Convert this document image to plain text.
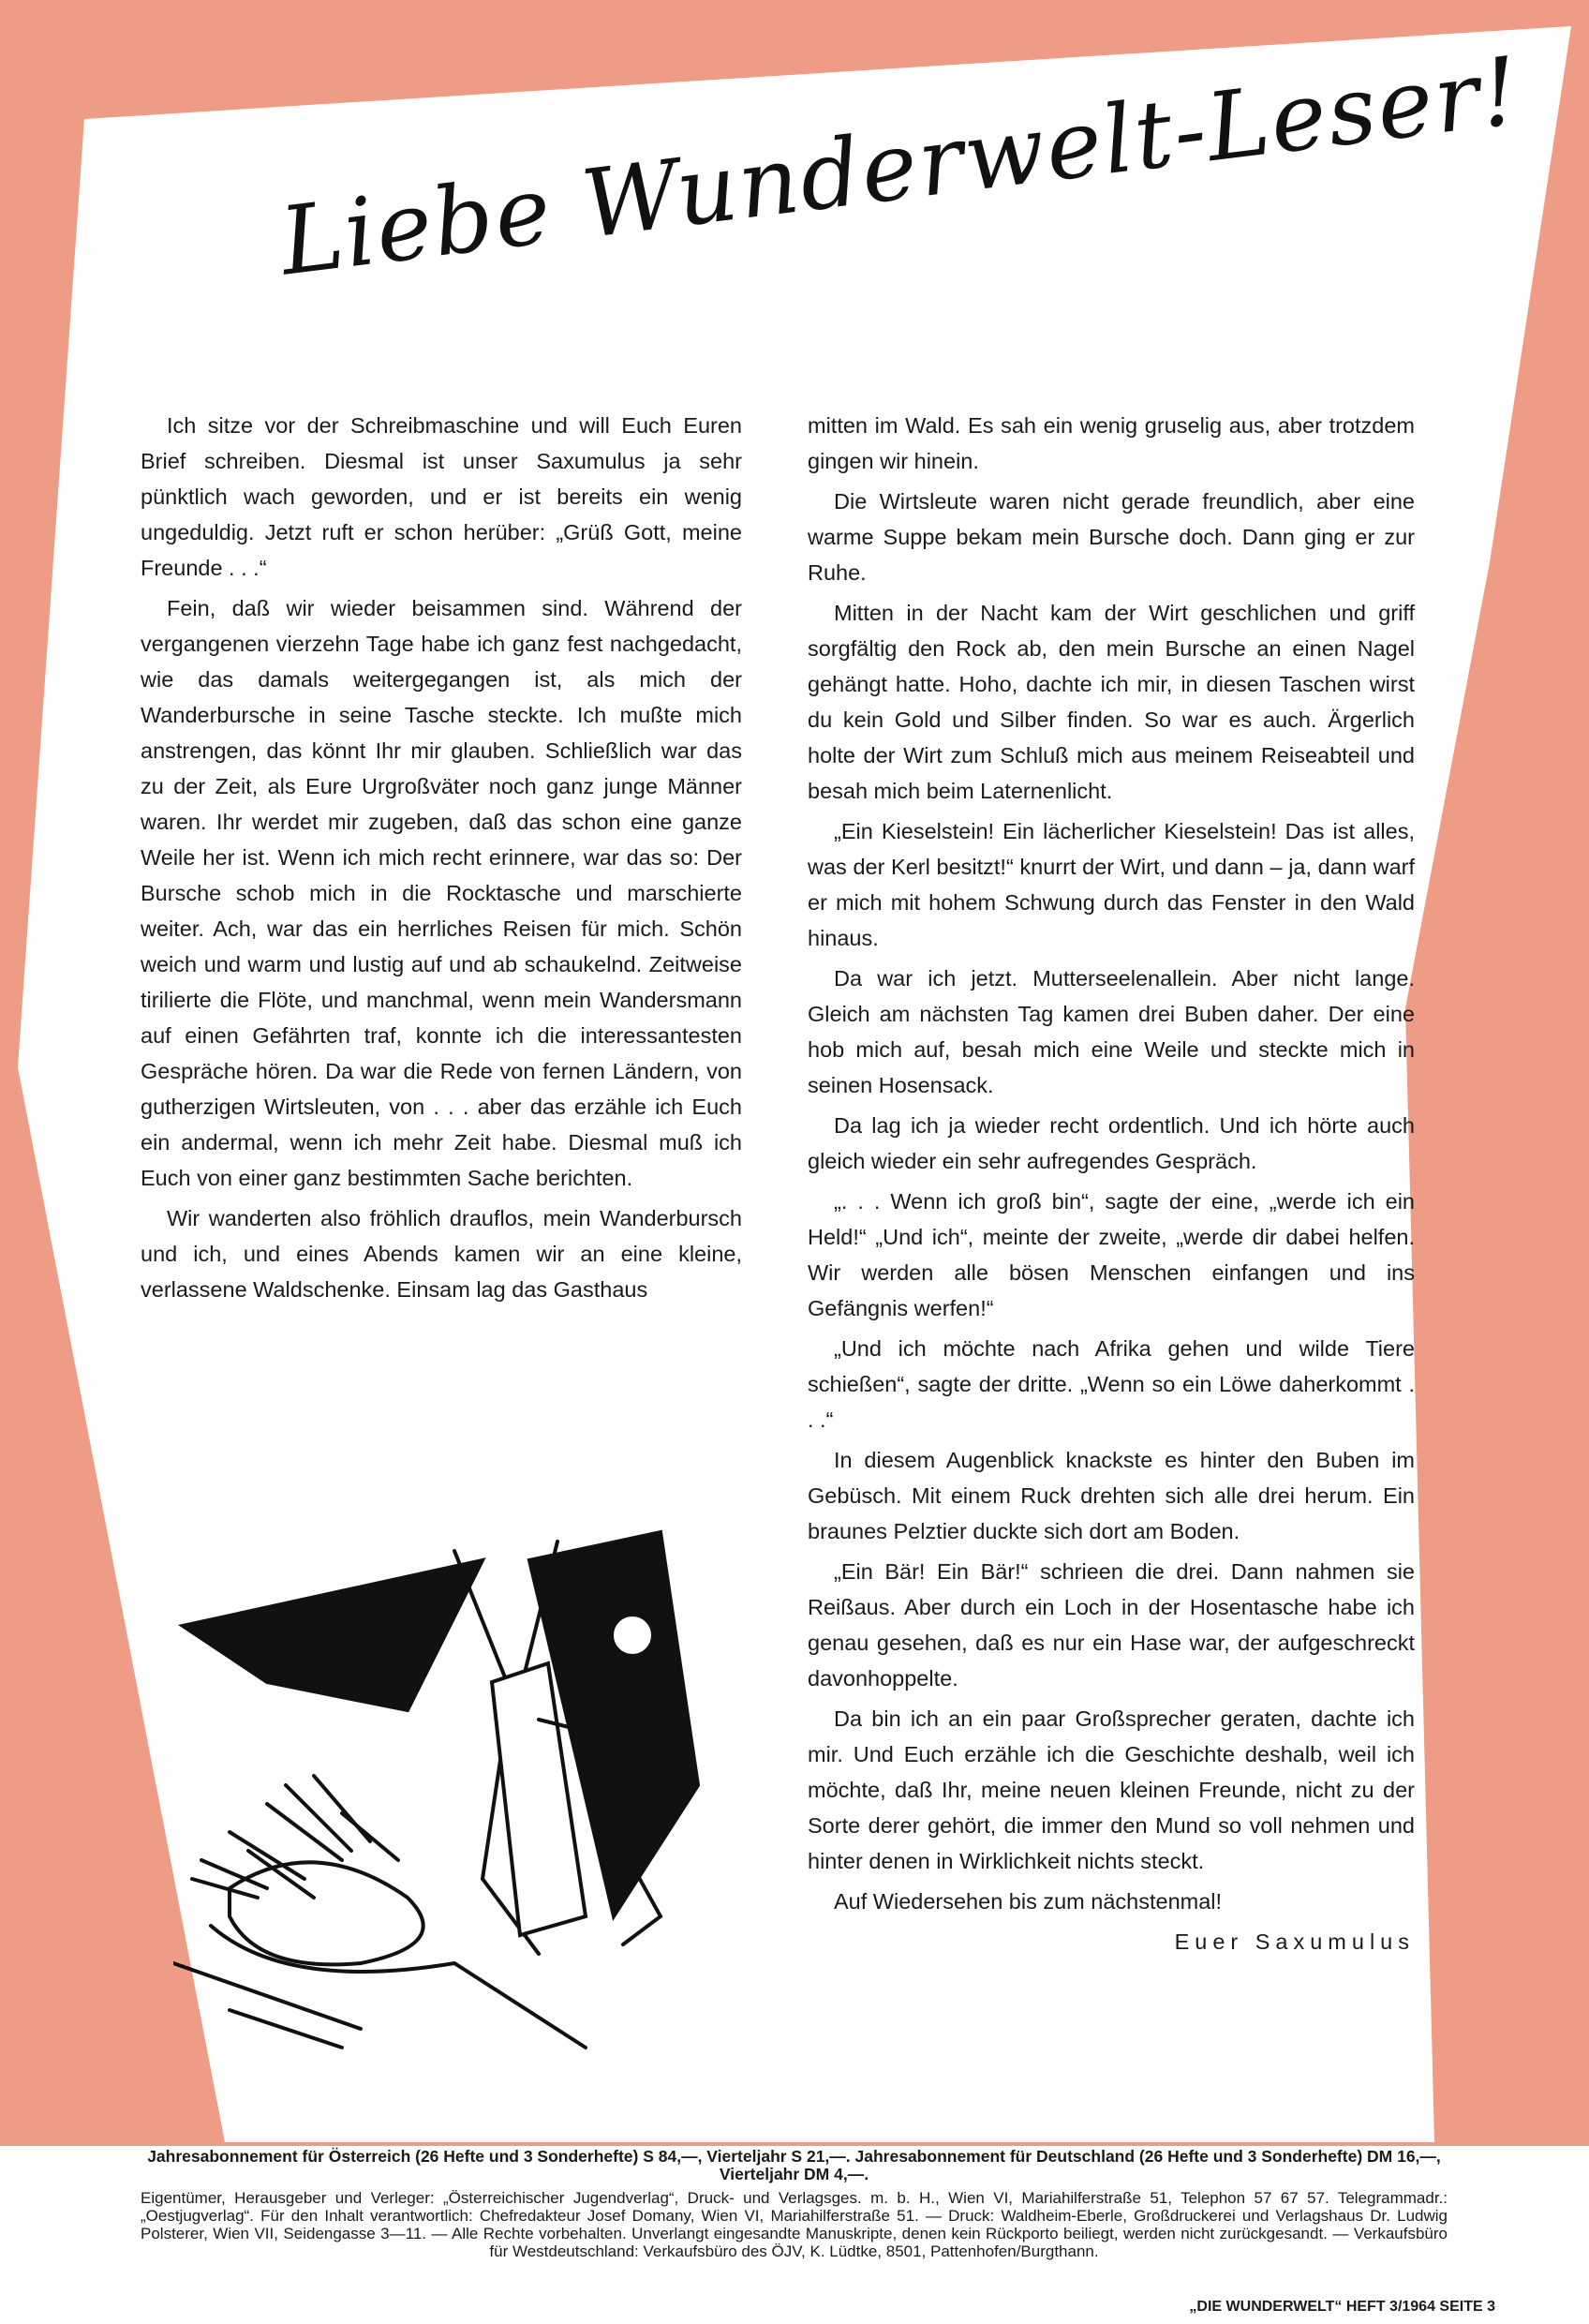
Liebe Wunderwelt-Leser!

Ich sitze vor der Schreibmaschine und will Euch Euren Brief schreiben. Diesmal ist unser Saxumulus ja sehr pünktlich wach geworden, und er ist bereits ein wenig ungeduldig. Jetzt ruft er schon herüber: „Grüß Gott, meine Freunde . . .“

Fein, daß wir wieder beisammen sind. Während der vergangenen vierzehn Tage habe ich ganz fest nachgedacht, wie das damals weitergegangen ist, als mich der Wanderbursche in seine Tasche steckte. Ich mußte mich anstrengen, das könnt Ihr mir glauben. Schließlich war das zu der Zeit, als Eure Urgroßväter noch ganz junge Männer waren. Ihr werdet mir zugeben, daß das schon eine ganze Weile her ist. Wenn ich mich recht erinnere, war das so: Der Bursche schob mich in die Rocktasche und marschierte weiter. Ach, war das ein herrliches Reisen für mich. Schön weich und warm und lustig auf und ab schaukelnd. Zeitweise tirilierte die Flöte, und manchmal, wenn mein Wandersmann auf einen Gefährten traf, konnte ich die interessantesten Gespräche hören. Da war die Rede von fernen Ländern, von gutherzigen Wirtsleuten, von . . . aber das erzähle ich Euch ein andermal, wenn ich mehr Zeit habe. Diesmal muß ich Euch von einer ganz bestimmten Sache berichten.

Wir wanderten also fröhlich drauflos, mein Wanderbursch und ich, und eines Abends kamen wir an eine kleine, verlassene Waldschenke. Einsam lag das Gasthaus

mitten im Wald. Es sah ein wenig gruselig aus, aber trotzdem gingen wir hinein.

Die Wirtsleute waren nicht gerade freundlich, aber eine warme Suppe bekam mein Bursche doch. Dann ging er zur Ruhe.

Mitten in der Nacht kam der Wirt geschlichen und griff sorgfältig den Rock ab, den mein Bursche an einen Nagel gehängt hatte. Hoho, dachte ich mir, in diesen Taschen wirst du kein Gold und Silber finden. So war es auch. Ärgerlich holte der Wirt zum Schluß mich aus meinem Reiseabteil und besah mich beim Laternenlicht.

„Ein Kieselstein! Ein lächerlicher Kieselstein! Das ist alles, was der Kerl besitzt!“ knurrt der Wirt, und dann – ja, dann warf er mich mit hohem Schwung durch das Fenster in den Wald hinaus.

Da war ich jetzt. Mutterseelenallein. Aber nicht lange. Gleich am nächsten Tag kamen drei Buben daher. Der eine hob mich auf, besah mich eine Weile und steckte mich in seinen Hosensack.

Da lag ich ja wieder recht ordentlich. Und ich hörte auch gleich wieder ein sehr aufregendes Gespräch.

„. . . Wenn ich groß bin“, sagte der eine, „werde ich ein Held!“ „Und ich“, meinte der zweite, „werde dir dabei helfen. Wir werden alle bösen Menschen einfangen und ins Gefängnis werfen!“

„Und ich möchte nach Afrika gehen und wilde Tiere schießen“, sagte der dritte. „Wenn so ein Löwe daherkommt . . .“

In diesem Augenblick knackste es hinter den Buben im Gebüsch. Mit einem Ruck drehten sich alle drei herum. Ein braunes Pelztier duckte sich dort am Boden.

„Ein Bär! Ein Bär!“ schrieen die drei. Dann nahmen sie Reißaus. Aber durch ein Loch in der Hosentasche habe ich genau gesehen, daß es nur ein Hase war, der aufgeschreckt davonhoppelte.

Da bin ich an ein paar Großsprecher geraten, dachte ich mir. Und Euch erzähle ich die Geschichte deshalb, weil ich möchte, daß Ihr, meine neuen kleinen Freunde, nicht zu der Sorte derer gehört, die immer den Mund so voll nehmen und hinter denen in Wirklichkeit nichts steckt.

Auf Wiedersehen bis zum nächstenmal!

Euer Saxumulus

Jahresabonnement für Österreich (26 Hefte und 3 Sonderhefte) S 84,—, Vierteljahr S 21,—. Jahresabonnement für Deutschland (26 Hefte und 3 Sonderhefte) DM 16,—, Vierteljahr DM 4,—.
Eigentümer, Herausgeber und Verleger: „Österreichischer Jugendverlag“, Druck- und Verlagsges. m. b. H., Wien VI, Mariahilferstraße 51, Telephon 57 67 57. Telegrammadr.: „Oestjugverlag“. Für den Inhalt verantwortlich: Chefredakteur Josef Domany, Wien VI, Mariahilferstraße 51. — Druck: Waldheim-Eberle, Großdruckerei und Verlagshaus Dr. Ludwig Polsterer, Wien VII, Seidengasse 3—11. — Alle Rechte vorbehalten. Unverlangt eingesandte Manuskripte, denen kein Rückporto beiliegt, werden nicht zurückgesandt. — Verkaufsbüro für Westdeutschland: Verkaufsbüro des ÖJV, K. Lüdtke, 8501, Pattenhofen/Burgthann.
„DIE WUNDERWELT“ HEFT 3/1964 SEITE 3
